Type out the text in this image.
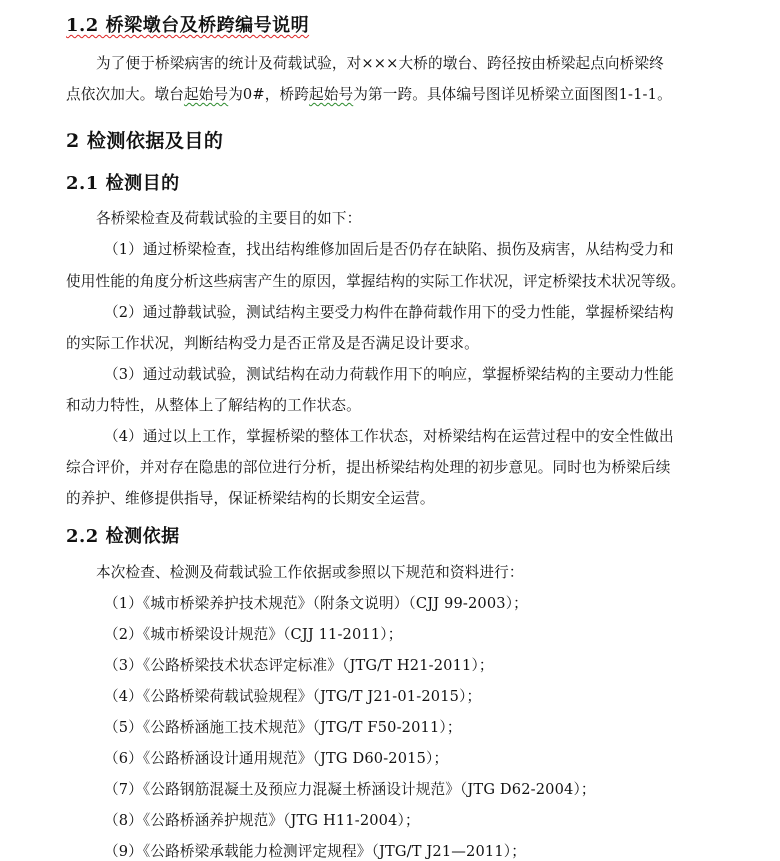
1.2 桥梁墩台及桥跨编号说明
为了便于桥梁病害的统计及荷载试验，对×××大桥的墩台、跨径按由桥梁起点向桥梁终
点依次加大。墩台起始号为0#，桥跨起始号为第一跨。具体编号图详见桥梁立面图图1-1-1。
2 检测依据及目的
2.1 检测目的
各桥梁检查及荷载试验的主要目的如下：
（1）通过桥梁检查，找出结构维修加固后是否仍存在缺陷、损伤及病害，从结构受力和
使用性能的角度分析这些病害产生的原因，掌握结构的实际工作状况，评定桥梁技术状况等级。
（2）通过静载试验，测试结构主要受力构件在静荷载作用下的受力性能，掌握桥梁结构
的实际工作状况，判断结构受力是否正常及是否满足设计要求。
（3）通过动载试验，测试结构在动力荷载作用下的响应，掌握桥梁结构的主要动力性能
和动力特性，从整体上了解结构的工作状态。
（4）通过以上工作，掌握桥梁的整体工作状态，对桥梁结构在运营过程中的安全性做出
综合评价，并对存在隐患的部位进行分析，提出桥梁结构处理的初步意见。同时也为桥梁后续
的养护、维修提供指导，保证桥梁结构的长期安全运营。
2.2 检测依据
本次检查、检测及荷载试验工作依据或参照以下规范和资料进行：
（1）《城市桥梁养护技术规范》（附条文说明）（CJJ 99-2003）；
（2）《城市桥梁设计规范》（CJJ 11-2011）；
（3）《公路桥梁技术状态评定标准》（JTG/T H21-2011）；
（4）《公路桥梁荷载试验规程》（JTG/T J21-01-2015）；
（5）《公路桥涵施工技术规范》（JTG/T F50-2011）；
（6）《公路桥涵设计通用规范》（JTG D60-2015）；
（7）《公路钢筋混凝土及预应力混凝土桥涵设计规范》（JTG D62-2004）；
（8）《公路桥涵养护规范》（JTG H11-2004）；
（9）《公路桥梁承载能力检测评定规程》（JTG/T J21—2011）；
